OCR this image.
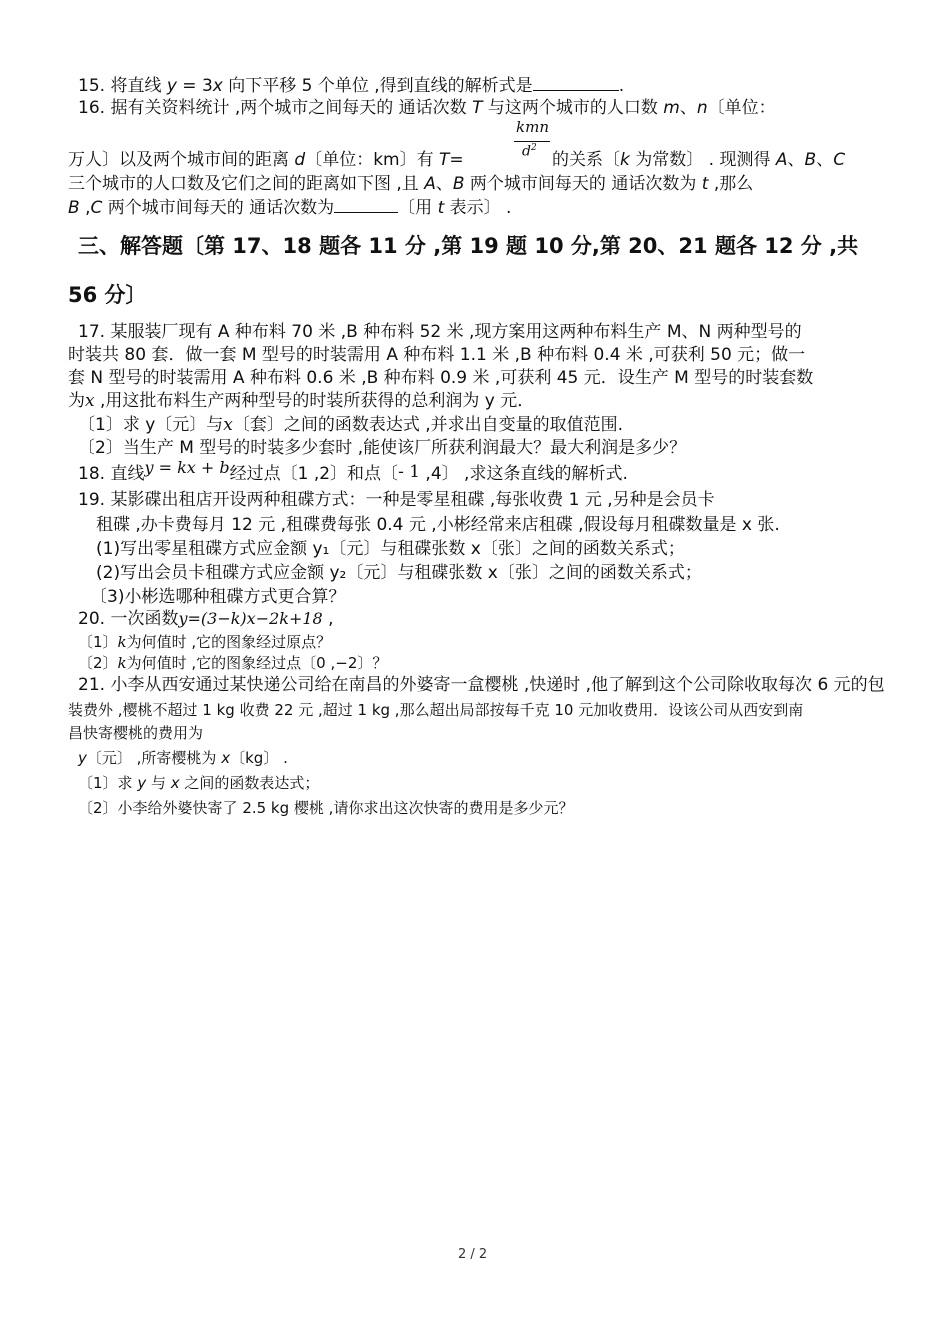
15. 将直线 y = 3x 向下平移 5 个单位 ,得到直线的解析式是	.
16. 据有关资料统计 ,两个城市之间每天的 通话次数 T 与这两个城市的人口数 m、n〔单位：
kmn
$d^2$
万人〕以及两个城市间的距离 d〔单位：km〕有 T=	的关系〔k 为常数〕 . 现测得 A、B、C
三个城市的人口数及它们之间的距离如下图 ,且 A、B 两个城市间每天的 通话次数为 t ,那么
B ,C 两个城市间每天的 通话次数为	〔用 t 表示〕 .
三、解答题〔第 17、18 题各 11 分 ,第 19 题 10 分,第 20、21 题各 12 分 ,共
56 分〕
17. 某服装厂现有 A 种布料 70 米 ,B 种布料 52 米 ,现方案用这两种布料生产 M、N 两种型号的
时装共 80 套．做一套 M 型号的时装需用 A 种布料 1.1 米 ,B 种布料 0.4 米 ,可获利 50 元；做一
套 N 型号的时装需用 A 种布料 0.6 米 ,B 种布料 0.9 米 ,可获利 45 元．设生产 M 型号的时装套数
为x ,用这批布料生产两种型号的时装所获得的总利润为 y 元．
〔1〕求 y〔元〕与x〔套〕之间的函数表达式 ,并求出自变量的取值范围.
〔2〕当生产 M 型号的时装多少套时 ,能使该厂所获利润最大？最大利润是多少？
18. 直线y = kx + b经过点〔1 ,2〕和点〔- 1 ,4〕 ,求这条直线的解析式.
19. 某影碟出租店开设两种租碟方式：一种是零星租碟 ,每张收费 1 元 ,另种是会员卡
租碟 ,办卡费每月 12 元 ,租碟费每张 0.4 元 ,小彬经常来店租碟 ,假设每月租碟数量是 x 张.
(1)写出零星租碟方式应金额 y₁〔元〕与租碟张数 x〔张〕之间的函数关系式；
(2)写出会员卡租碟方式应金额 y₂〔元〕与租碟张数 x〔张〕之间的函数关系式；
〔3)小彬选哪种租碟方式更合算？
20. 一次函数y=(3−k)x−2k+18 ,
〔1〕k为何值时 ,它的图象经过原点？
〔2〕k为何值时 ,它的图象经过点〔0 ,−2〕？
21. 小李从西安通过某快递公司给在南昌的外婆寄一盒樱桃 ,快递时 ,他了解到这个公司除收取每次 6 元的包
装费外 ,樱桃不超过 1 kg 收费 22 元 ,超过 1 kg ,那么超出局部按每千克 10 元加收费用．设该公司从西安到南
昌快寄樱桃的费用为
y〔元〕 ,所寄樱桃为 x〔kg〕 .
〔1〕求 y 与 x 之间的函数表达式；
〔2〕小李给外婆快寄了 2.5 kg 樱桃 ,请你求出这次快寄的费用是多少元？
2 / 2
